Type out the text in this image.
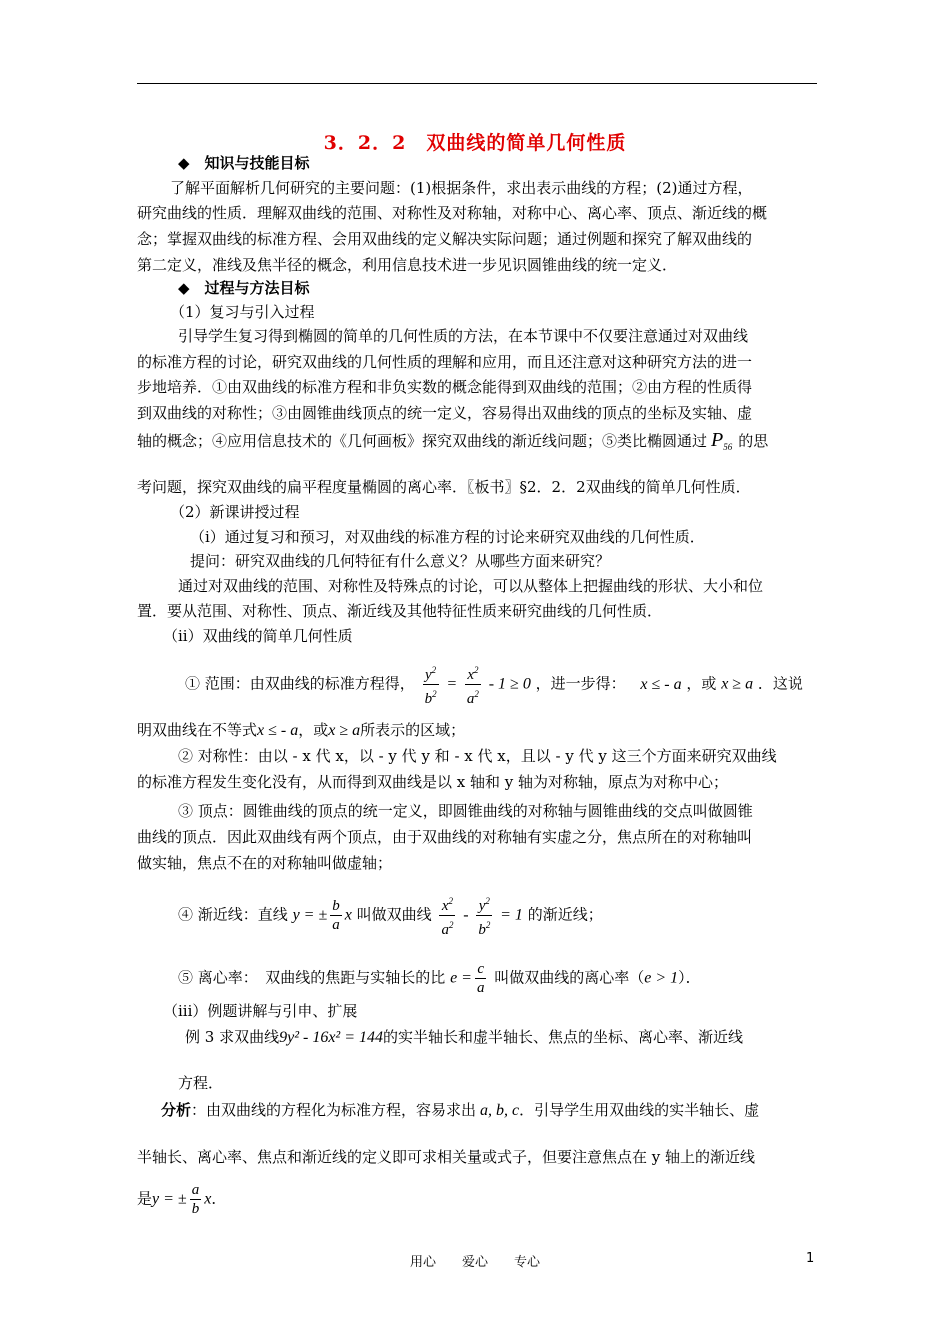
3．2．2　双曲线的简单几何性质
◆　知识与技能目标
了解平面解析几何研究的主要问题：(1)根据条件，求出表示曲线的方程；(2)通过方程，
研究曲线的性质．理解双曲线的范围、对称性及对称轴，对称中心、离心率、顶点、渐近线的概
念；掌握双曲线的标准方程、会用双曲线的定义解决实际问题；通过例题和探究了解双曲线的
第二定义，准线及焦半径的概念，利用信息技术进一步见识圆锥曲线的统一定义．
◆　过程与方法目标
（1）复习与引入过程
引导学生复习得到椭圆的简单的几何性质的方法，在本节课中不仅要注意通过对双曲线
的标准方程的讨论，研究双曲线的几何性质的理解和应用，而且还注意对这种研究方法的进一
步地培养．①由双曲线的标准方程和非负实数的概念能得到双曲线的范围；②由方程的性质得
到双曲线的对称性；③由圆锥曲线顶点的统一定义，容易得出双曲线的顶点的坐标及实轴、虚
轴的概念；④应用信息技术的《几何画板》探究双曲线的渐近线问题；⑤类比椭圆通过 $P_{56}$ 的思
考问题，探究双曲线的扁平程度量椭圆的离心率．〖板书〗§2．2．2双曲线的简单几何性质．
（2）新课讲授过程
（i）通过复习和预习，对双曲线的标准方程的讨论来研究双曲线的几何性质．
提问：研究双曲线的几何特征有什么意义？从哪些方面来研究？
通过对双曲线的范围、对称性及特殊点的讨论，可以从整体上把握曲线的形状、大小和位
置．要从范围、对称性、顶点、渐近线及其他特征性质来研究曲线的几何性质．
（ii）双曲线的简单几何性质
① 范围：由双曲线的标准方程得， $\frac{y^2}{b^2} = \frac{x^2}{a^2} - 1 \ge 0$ ，进一步得： x ≤ - a ，或 x ≥ a ．这说
明双曲线在不等式x ≤ - a，或x ≥ a所表示的区域；
② 对称性：由以 - x 代 x，以 - y 代 y 和 - x 代 x，且以 - y 代 y 这三个方面来研究双曲线
的标准方程发生变化没有，从而得到双曲线是以 x 轴和 y 轴为对称轴，原点为对称中心；
③ 顶点：圆锥曲线的顶点的统一定义，即圆锥曲线的对称轴与圆锥曲线的交点叫做圆锥
曲线的顶点．因此双曲线有两个顶点，由于双曲线的对称轴有实虚之分，焦点所在的对称轴叫
做实轴，焦点不在的对称轴叫做虚轴；
④ 渐近线：直线 y = ± $\frac{b}{a}$ x 叫做双曲线 $\frac{x^2}{a^2} - \frac{y^2}{b^2} = 1$ 的渐近线；
⑤ 离心率：　双曲线的焦距与实轴长的比 $e = \frac{c}{a}$ 叫做双曲线的离心率（e > 1）．
（iii）例题讲解与引申、扩展
例 3 求双曲线9y² - 16x² = 144的实半轴长和虚半轴长、焦点的坐标、离心率、渐近线
方程．
分析：由双曲线的方程化为标准方程，容易求出 a, b, c．引导学生用双曲线的实半轴长、虚
半轴长、离心率、焦点和渐近线的定义即可求相关量或式子，但要注意焦点在 y 轴上的渐近线
是y = ± $\frac{a}{b}$ x．
用心　　爱心　　专心	1
